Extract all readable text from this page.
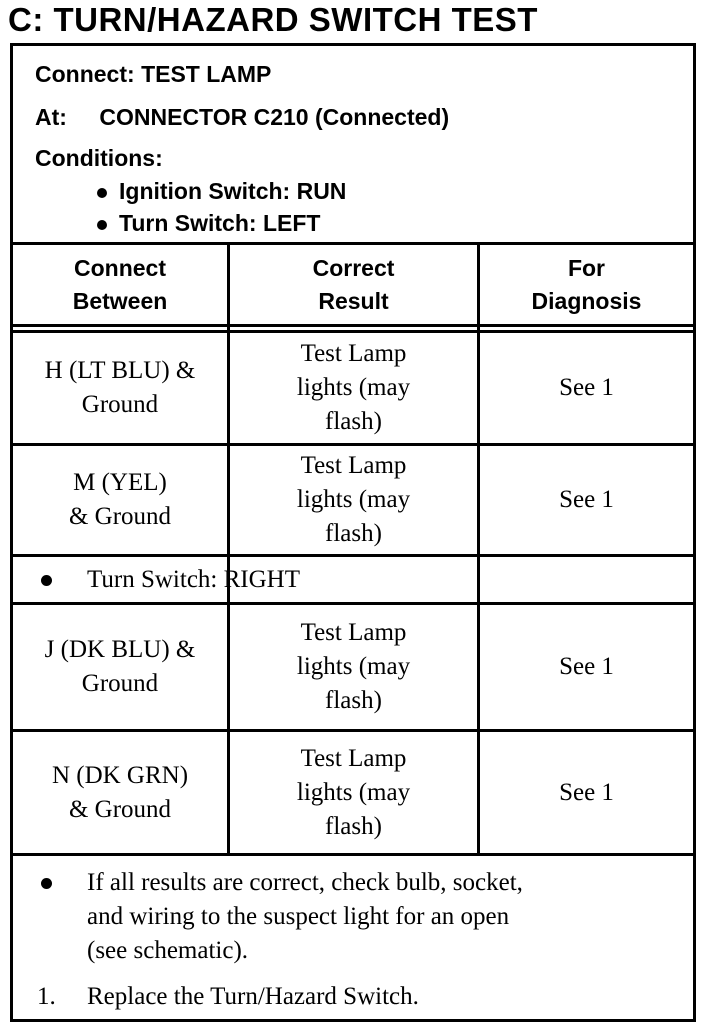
C: TURN/HAZARD SWITCH TEST
Connect: TEST LAMP
At: CONNECTOR C210 (Connected)
Conditions:
Ignition Switch: RUN
Turn Switch: LEFT
Connect
Between
Correct
Result
For
Diagnosis
H (LT BLU) &
Ground
Test Lamp
lights (may
flash)
See 1
M (YEL)
& Ground
Test Lamp
lights (may
flash)
See 1
Turn Switch: RIGHT
J (DK BLU) &
Ground
Test Lamp
lights (may
flash)
See 1
N (DK GRN)
& Ground
Test Lamp
lights (may
flash)
See 1
If all results are correct, check bulb, socket,
and wiring to the suspect light for an open
(see schematic).
1. Replace the Turn/Hazard Switch.
